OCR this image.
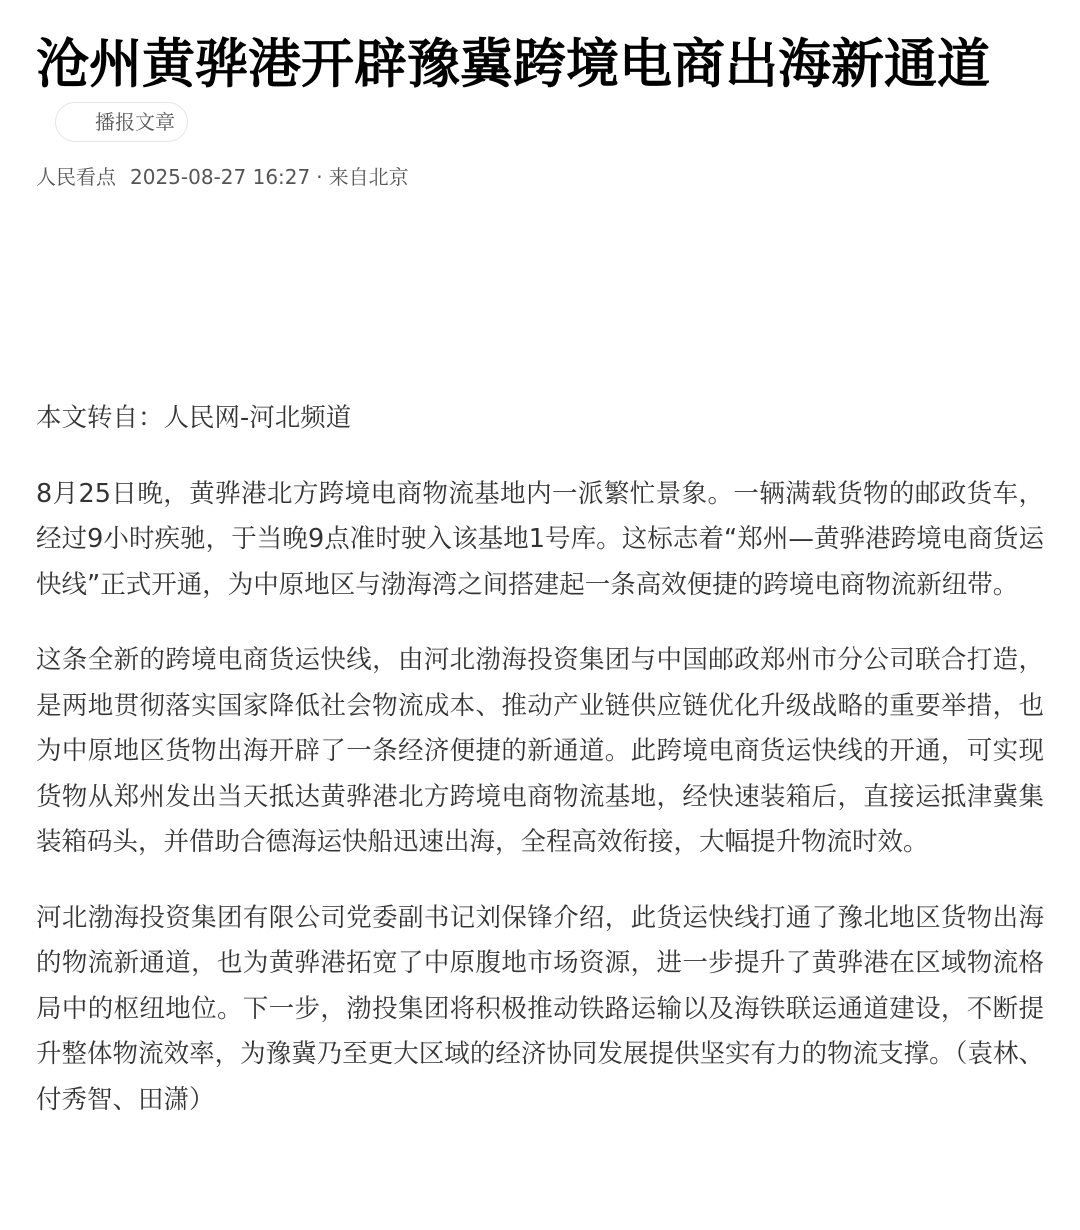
沧州黄骅港开辟豫冀跨境电商出海新通道
播报文章
人民看点 2025-08-27 16:27 · 来自北京

本文转自：人民网-河北频道

8月25日晚，黄骅港北方跨境电商物流基地内一派繁忙景象。一辆满载货物的邮政货车，经过9小时疾驰，于当晚9点准时驶入该基地1号库。这标志着“郑州—黄骅港跨境电商货运快线”正式开通，为中原地区与渤海湾之间搭建起一条高效便捷的跨境电商物流新纽带。

这条全新的跨境电商货运快线，由河北渤海投资集团与中国邮政郑州市分公司联合打造，是两地贯彻落实国家降低社会物流成本、推动产业链供应链优化升级战略的重要举措，也为中原地区货物出海开辟了一条经济便捷的新通道。此跨境电商货运快线的开通，可实现货物从郑州发出当天抵达黄骅港北方跨境电商物流基地，经快速装箱后，直接运抵津冀集装箱码头，并借助合德海运快船迅速出海，全程高效衔接，大幅提升物流时效。

河北渤海投资集团有限公司党委副书记刘保锋介绍，此货运快线打通了豫北地区货物出海的物流新通道，也为黄骅港拓宽了中原腹地市场资源，进一步提升了黄骅港在区域物流格局中的枢纽地位。下一步，渤投集团将积极推动铁路运输以及海铁联运通道建设，不断提升整体物流效率，为豫冀乃至更大区域的经济协同发展提供坚实有力的物流支撑。（袁林、付秀智、田潇）
